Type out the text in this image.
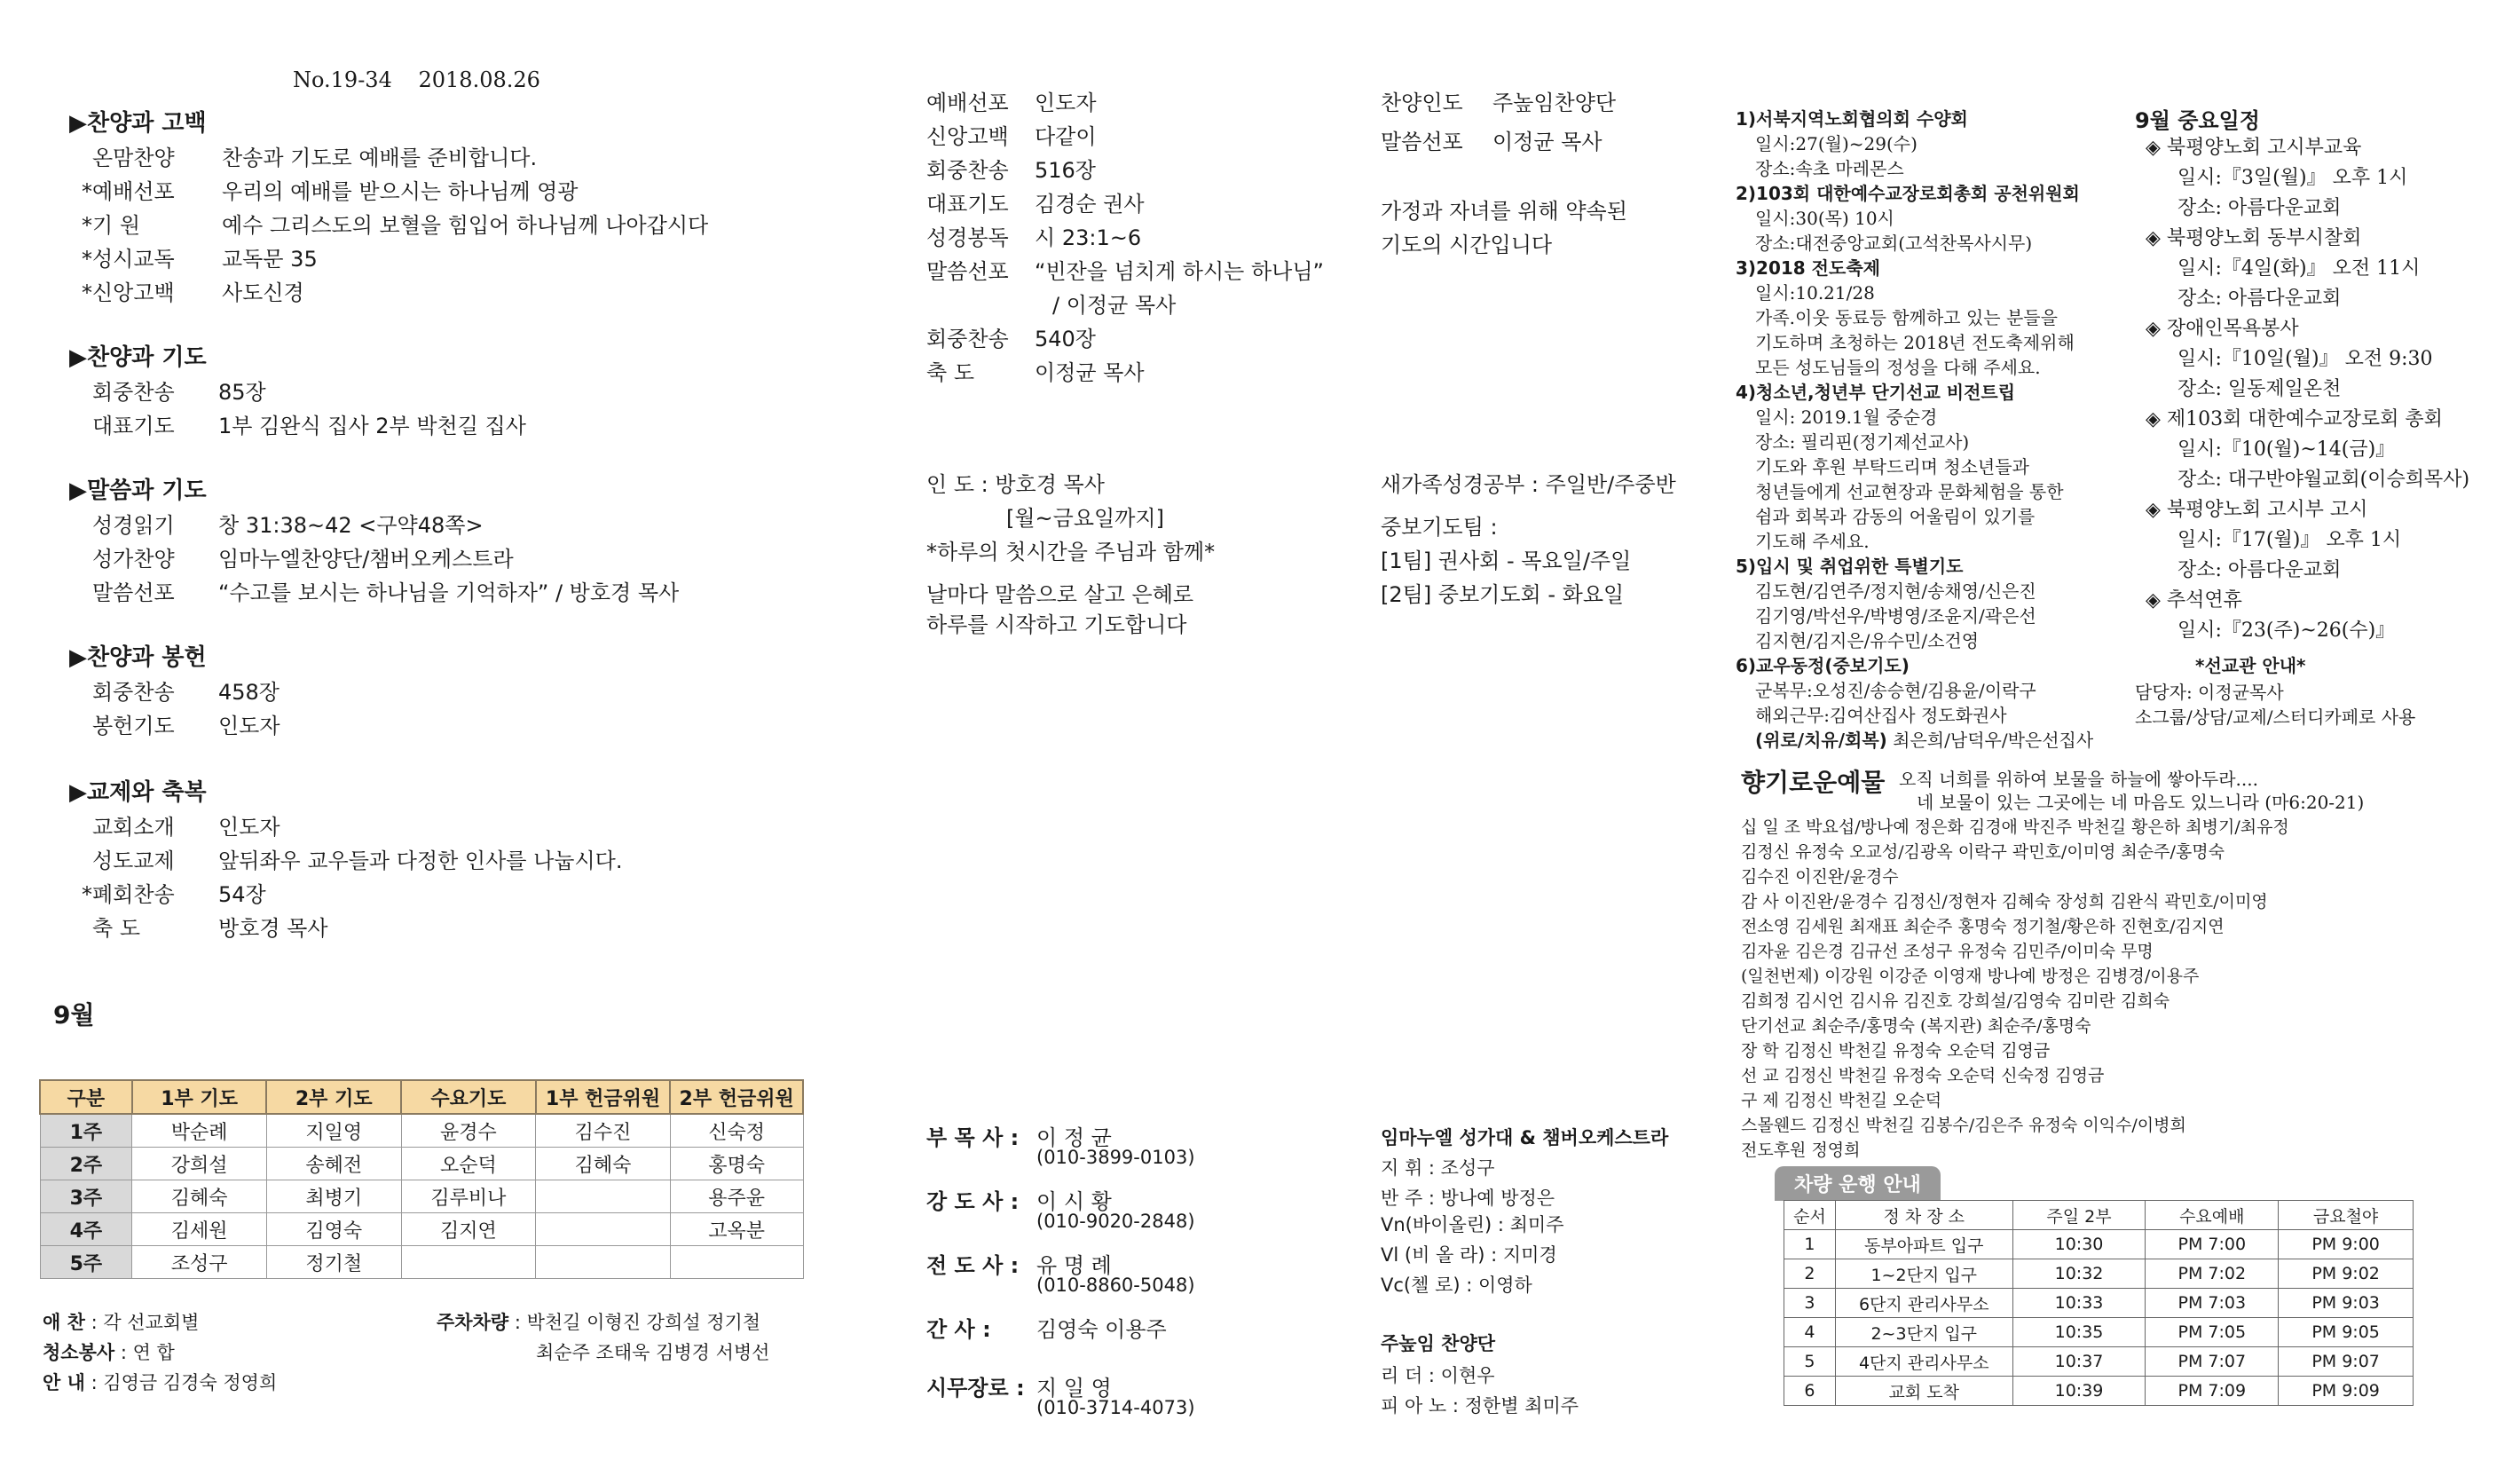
No.19-34 2018.08.26
▶찬양과 고백
온맘찬양 찬송과 기도로 예배를 준비합니다.
*예배선포 우리의 예배를 받으시는 하나님께 영광
*기 원	예수 그리스도의 보혈을 힘입어 하나님께 나아갑시다
*성시교독 교독문 35
*신앙고백 사도신경
▶찬양과 기도
회중찬송 85장
대표기도 1부 김완식 집사 2부 박천길 집사
▶말씀과 기도
성경읽기 창 31:38~42 <구약48쪽>
성가찬양 임마누엘찬양단/챔버오케스트라
말씀선포 “수고를 보시는 하나님을 기억하자” / 방호경 목사
▶찬양과 봉헌
회중찬송 458장
봉헌기도 인도자
▶교제와 축복
교회소개 인도자
성도교제 앞뒤좌우 교우들과 다정한 인사를 나눕시다.
*폐회찬송 54장
축 도	방호경 목사
9월
구분	1부 기도	2부 기도	수요기도	1부 헌금위원	2부 헌금위원
1주	박순례	지일영	윤경수	김수진	신숙정
2주	강희설	송혜전	오순덕	김혜숙	홍명숙
3주	김혜숙	최병기	김루비나		용주윤
4주	김세원	김영숙	김지연		고옥분
5주	조성구	정기철			
애 찬 : 각 선교회별
청소봉사 : 연 합
안 내 : 김영금 김경숙 정영희
주차차량 : 박천길 이형진 강희설 정기철
최순주 조태욱 김병경 서병선
예배선포 인도자
신앙고백 다같이
회중찬송 516장
대표기도 김경순 권사
성경봉독 시 23:1~6
말씀선포 “빈잔을 넘치게 하시는 하나님”
/ 이정균 목사
회중찬송 540장
축 도	이정균 목사
인 도 : 방호경 목사
[월~금요일까지]
*하루의 첫시간을 주님과 함께*
날마다 말씀으로 살고 은혜로
하루를 시작하고 기도합니다
부 목 사 : 이 정 균
(010-3899-0103)
강 도 사 : 이 시 황
(010-9020-2848)
전 도 사 : 유 명 례
(010-8860-5048)
간 사 : 김영숙 이용주
시무장로 : 지 일 영
(010-3714-4073)
찬양인도 주높임찬양단
말씀선포 이정균 목사
가정과 자녀를 위해 약속된
기도의 시간입니다
새가족성경공부 : 주일반/주중반
중보기도팀 :
[1팀] 권사회 - 목요일/주일
[2팀] 중보기도회 - 화요일
임마누엘 성가대 & 챔버오케스트라
지 휘 : 조성구
반 주 : 방나예 방정은
Vn(바이올린) : 최미주
Vl (비 올 라) : 지미경
Vc(첼 로) : 이영하
주높임 찬양단
리 더 : 이현우
피 아 노 : 정한별 최미주
1)서북지역노회협의회 수양회
일시:27(월)~29(수)
장소:속초 마레몬스
2)103회 대한예수교장로회총회 공천위원회
일시:30(목) 10시
장소:대전중앙교회(고석찬목사시무)
3)2018 전도축제
일시:10.21/28
가족.이웃 동료등 함께하고 있는 분들을
기도하며 초청하는 2018년 전도축제위해
모든 성도님들의 정성을 다해 주세요.
4)청소년,청년부 단기선교 비전트립
일시: 2019.1월 중순경
장소: 필리핀(정기제선교사)
기도와 후원 부탁드리며 청소년들과
청년들에게 선교현장과 문화체험을 통한
쉼과 회복과 감동의 어울림이 있기를
기도해 주세요.
5)입시 및 취업위한 특별기도
김도현/김연주/정지현/송채영/신은진
김기영/박선우/박병영/조윤지/곽은선
김지현/김지은/유수민/소건영
6)교우동정(중보기도)
군복무:오성진/송승현/김용윤/이락구
해외근무:김여산집사 정도화권사
(위로/치유/회복) 최은희/남덕우/박은선집사
9월 중요일정
◈ 북평양노회 고시부교육
일시:『3일(월)』 오후 1시
장소: 아름다운교회
◈ 북평양노회 동부시찰회
일시:『4일(화)』 오전 11시
장소: 아름다운교회
◈ 장애인목욕봉사
일시:『10일(월)』 오전 9:30
장소: 일동제일온천
◈ 제103회 대한예수교장로회 총회
일시:『10(월)~14(금)』
장소: 대구반야월교회(이승희목사)
◈ 북평양노회 고시부 고시
일시:『17(월)』 오후 1시
장소: 아름다운교회
◈ 추석연휴
일시:『23(주)~26(수)』
*선교관 안내*
담당자: 이정균목사
소그룹/상담/교제/스터디카페로 사용
향기로운예물 오직 너희를 위하여 보물을 하늘에 쌓아두라....
네 보물이 있는 그곳에는 네 마음도 있느니라 (마6:20-21)
십 일 조 박요섭/방나예 정은화 김경애 박진주 박천길 황은하 최병기/최유정
김정신 유정숙 오교성/김광옥 이락구 곽민호/이미영 최순주/홍명숙
김수진 이진완/윤경수
감 사 이진완/윤경수 김정신/정현자 김혜숙 장성희 김완식 곽민호/이미영
전소영 김세원 최재표 최순주 홍명숙 정기철/황은하 진현호/김지연
김자윤 김은경 김규선 조성구 유정숙 김민주/이미숙 무명
(일천번제) 이강원 이강준 이영재 방나예 방정은 김병경/이용주
김희정 김시언 김시유 김진호 강희설/김영숙 김미란 김희숙
단기선교 최순주/홍명숙 (복지관) 최순주/홍명숙
장 학 김정신 박천길 유정숙 오순덕 김영금
선 교 김정신 박천길 유정숙 오순덕 신숙정 김영금
구 제 김정신 박천길 오순덕
스몰웬드 김정신 박천길 김봉수/김은주 유정숙 이익수/이병희
전도후원 정영희
차량 운행 안내
순서	정 차 장 소	주일 2부	수요예배	금요철야
1	동부아파트 입구	10:30	PM 7:00	PM 9:00
2	1~2단지 입구	10:32	PM 7:02	PM 9:02
3	6단지 관리사무소	10:33	PM 7:03	PM 9:03
4	2~3단지 입구	10:35	PM 7:05	PM 9:05
5	4단지 관리사무소	10:37	PM 7:07	PM 9:07
6	교회 도착	10:39	PM 7:09	PM 9:09
